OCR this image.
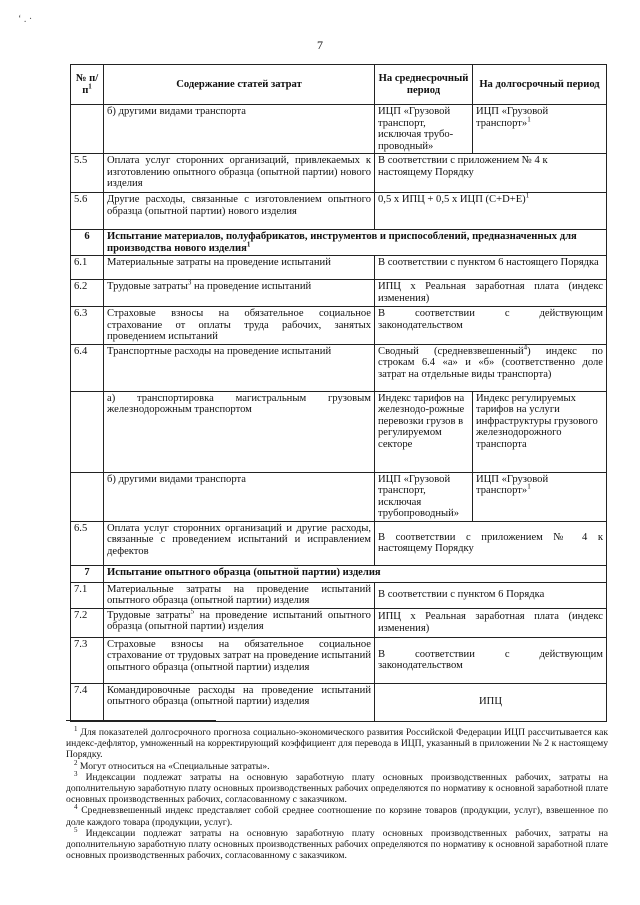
‘ . ·
7
№ $п/п^1$	Содержание статей затрат	На среднесрочный период	На долгосрочный период
	б) другими видами транспорта	ИЦП «Грузовой транспорт, исключая трубо-проводный»	ИЦП «Грузовой транспорт»$^1$
5.5	Оплата услуг сторонних организаций, привлекаемых к изготовлению опытного образца (опытной партии) нового изделия	В соответствии с приложением № 4 к настоящему Порядку	
5.6	Другие расходы, связанные с изготовлением опытного образца (опытной партии) нового изделия	0,5 х ИПЦ + 0,5 х ИЦП $(С+D+E)^1$
6	Испытание материалов, полуфабрикатов, инструментов и приспособлений, предназначенных для производства нового изделия$^1$
6.1	Материальные затраты на проведение испытаний	В соответствии с пунктом 6 настоящего Порядка	
6.2	Трудовые затраты$^3$ на проведение испытаний	ИПЦ х Реальная заработная плата (индекс изменения)	
6.3	Страховые взносы на обязательное социальное страхование от оплаты труда рабочих, занятых проведением испытаний	В соответствии с действующим законодательством	
6.4	Транспортные расходы на проведение испытаний	Сводный (средневзвешенный$^4$) индекс по строкам 6.4 «а» и «б» (соответственно доле затрат на отдельные виды транспорта)	
	а) транспортировка магистральным грузовым железнодорожным транспортом	Индекс тарифов на железнодо-рожные перевозки грузов в регулируемом секторе	Индекс регулируемых тарифов на услуги инфраструктуры грузового железнодорожного транспорта
	б) другими видами транспорта	ИЦП «Грузовой транспорт, исключая трубопроводный»	ИЦП «Грузовой транспорт»$^1$
6.5	Оплата услуг сторонних организаций и другие расходы, связанные с проведением испытаний и исправлением дефектов	В соответствии с приложением № 4 к настоящему Порядку	
7	Испытание опытного образца (опытной партии) изделия		
7.1	Материальные затраты на проведение испытаний опытного образца (опытной партии) изделия	В соответствии с пунктом 6 Порядка	
7.2	Трудовые затраты$^5$ на проведение испытаний опытного образца (опытной партии) изделия	ИПЦ х Реальная заработная плата (индекс изменения)	
7.3	Страховые взносы на обязательное социальное страхование от трудовых затрат на проведение испытаний опытного образца (опытной партии) изделия	В соответствии с действующим законодательством	
7.4	Командировочные расходы на проведение испытаний опытного образца (опытной партии) изделия	ИПЦ	

$^1$ Для показателей долгосрочного прогноза социально-экономического развития Российской Федерации ИЦП рассчитывается как индекс-дефлятор, умноженный на корректирующий коэффициент для перевода в ИЦП, указанный в приложении № 2 к настоящему Порядку.

$^2$ Могут относиться на «Специальные затраты».

$^3$ Индексации подлежат затраты на основную заработную плату основных производственных рабочих, затраты на дополнительную заработную плату основных производственных рабочих определяются по нормативу к основной заработной плате основных производственных рабочих, согласованному с заказчиком.

$^4$ Средневзвешенный индекс представляет собой среднее соотношение по корзине товаров (продукции, услуг), взвешенное по доле каждого товара (продукции, услуг).

$^5$ Индексации подлежат затраты на основную заработную плату основных производственных рабочих, затраты на дополнительную заработную плату основных производственных рабочих определяются по нормативу к основной заработной плате основных производственных рабочих, согласованному с заказчиком.
